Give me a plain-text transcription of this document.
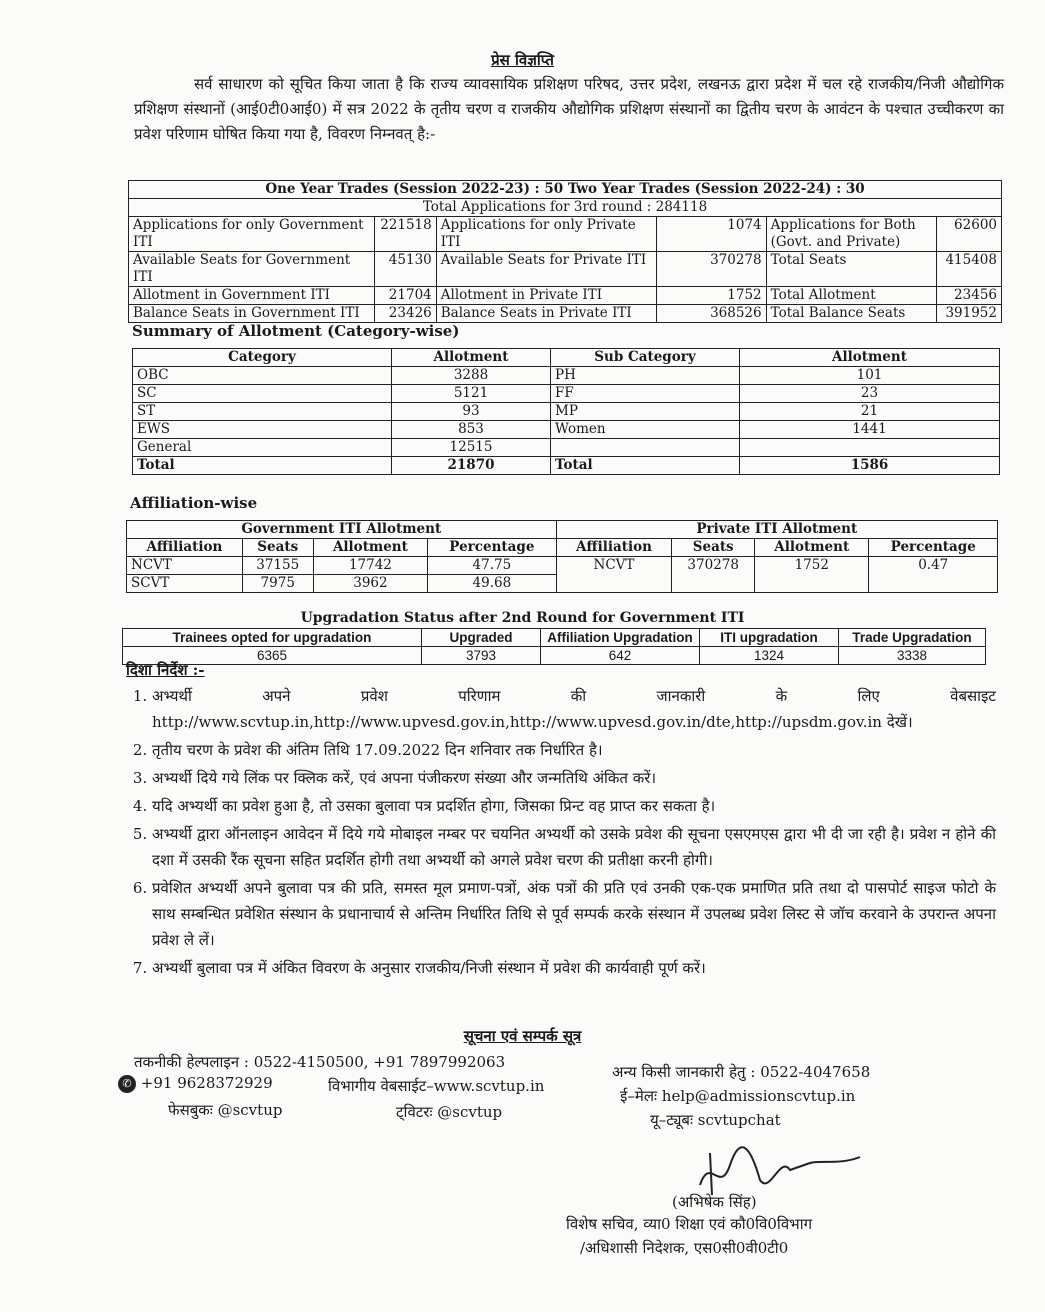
प्रेस विज्ञप्ति
सर्व साधारण को सूचित किया जाता है कि राज्य व्यावसायिक प्रशिक्षण परिषद, उत्तर प्रदेश, लखनऊ द्वारा प्रदेश में चल रहे राजकीय/निजी औद्योगिक प्रशिक्षण संस्थानों (आई0टी0आई0) में सत्र 2022 के तृतीय चरण व राजकीय औद्योगिक प्रशिक्षण संस्थानों का द्वितीय चरण के आवंटन के पश्चात उच्चीकरण का प्रवेश परिणाम घोषित किया गया है, विवरण निम्नवत् है:-
One Year Trades (Session 2022-23) : 50 Two Year Trades (Session 2022-24) : 30					
Total Applications for 3rd round : 284118					
Applications for only Government ITI	221518	Applications for only Private ITI	1074	Applications for Both (Govt. and Private)	62600
Available Seats for Government ITI	45130	Available Seats for Private ITI	370278	Total Seats	415408
Allotment in Government ITI	21704	Allotment in Private ITI	1752	Total Allotment	23456
Balance Seats in Government ITI	23426	Balance Seats in Private ITI	368526	Total Balance Seats	391952
Summary of Allotment (Category-wise)
Category	Allotment	Sub Category	Allotment
OBC	3288	PH	101
SC	5121	FF	23
ST	93	MP	21
EWS	853	Women	1441
General	12515		
Total	21870	Total	1586
Affiliation-wise
Government ITI Allotment				Private ITI Allotment			
Affiliation	Seats	Allotment	Percentage	Affiliation	Seats	Allotment	Percentage
NCVT	37155	17742	47.75	NCVT	370278	1752	0.47
SCVT	7975	3962	49.68				
Upgradation Status after 2nd Round for Government ITI
Trainees opted for upgradation	Upgraded	Affiliation Upgradation	ITI upgradation	Trade Upgradation
6365	3793	642	1324	3338
दिशा निर्देश :-
1. अभ्यर्थी अपने प्रवेश परिणाम की जानकारी के लिए वेबसाइट http://www.scvtup.in,http://www.upvesd.gov.in,http://www.upvesd.gov.in/dte,http://upsdm.gov.in देखें।
2. तृतीय चरण के प्रवेश की अंतिम तिथि 17.09.2022 दिन शनिवार तक निर्धारित है।
3. अभ्यर्थी दिये गये लिंक पर क्लिक करें, एवं अपना पंजीकरण संख्या और जन्मतिथि अंकित करें।
4. यदि अभ्यर्थी का प्रवेश हुआ है, तो उसका बुलावा पत्र प्रदर्शित होगा, जिसका प्रिन्ट वह प्राप्त कर सकता है।
5. अभ्यर्थी द्वारा ऑनलाइन आवेदन में दिये गये मोबाइल नम्बर पर चयनित अभ्यर्थी को उसके प्रवेश की सूचना एसएमएस द्वारा भी दी जा रही है। प्रवेश न होने की दशा में उसकी रैंक सूचना सहित प्रदर्शित होगी तथा अभ्यर्थी को अगले प्रवेश चरण की प्रतीक्षा करनी होगी।
6. प्रवेशित अभ्यर्थी अपने बुलावा पत्र की प्रति, समस्त मूल प्रमाण-पत्रों, अंक पत्रों की प्रति एवं उनकी एक-एक प्रमाणित प्रति तथा दो पासपोर्ट साइज फोटो के साथ सम्बन्धित प्रवेशित संस्थान के प्रधानाचार्य से अन्तिम निर्धारित तिथि से पूर्व सम्पर्क करके संस्थान में उपलब्ध प्रवेश लिस्ट से जॉच करवाने के उपरान्त अपना प्रवेश ले लें।
7. अभ्यर्थी बुलावा पत्र में अंकित विवरण के अनुसार राजकीय/निजी संस्थान में प्रवेश की कार्यवाही पूर्ण करें।
सूचना एवं सम्पर्क सूत्र
तकनीकी हेल्पलाइन : 0522-4150500, +91 7897992063
अन्य किसी जानकारी हेतु : 0522-4047658
✆ +91 9628372929	विभागीय वेबसाईट–www.scvtup.in
ई–मेलः help@admissionscvtup.in
फेसबुकः @scvtup	ट्विटरः @scvtup	यू–ट्यूबः scvtupchat
(अभिषेक सिंह)
विशेष सचिव, व्या0 शिक्षा एवं कौ0वि0विभाग
/अधिशासी निदेशक, एस0सी0वी0टी0
